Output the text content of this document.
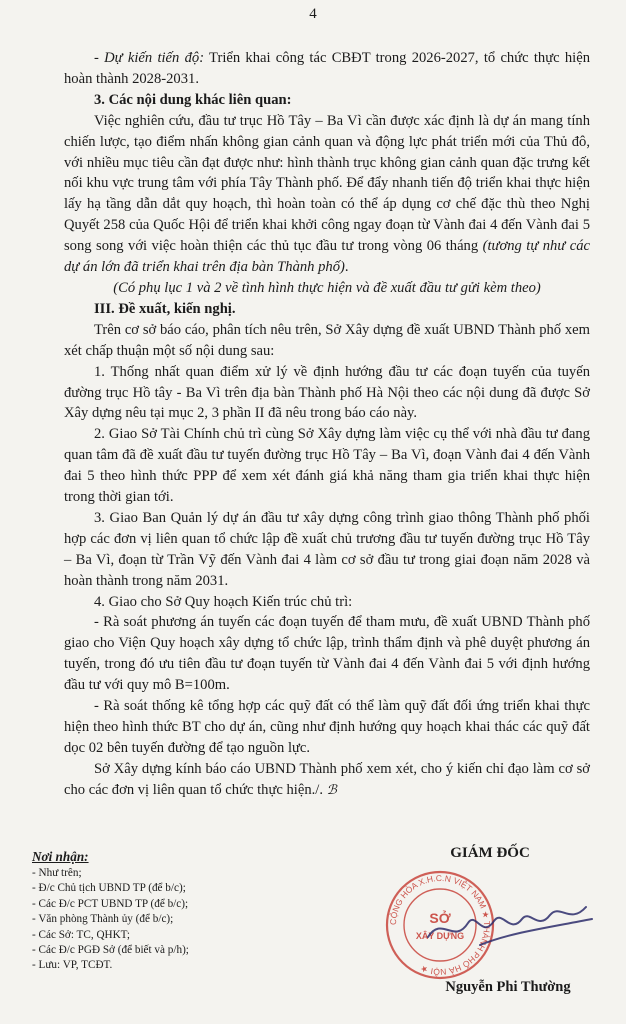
4

- Dự kiến tiến độ: Triển khai công tác CBĐT trong 2026-2027, tổ chức thực hiện hoàn thành 2028-2031.

3. Các nội dung khác liên quan:

Việc nghiên cứu, đầu tư trục Hồ Tây – Ba Vì cần được xác định là dự án mang tính chiến lược, tạo điểm nhấn không gian cảnh quan và động lực phát triển mới của Thủ đô, với nhiều mục tiêu cần đạt được như: hình thành trục không gian cảnh quan đặc trưng kết nối khu vực trung tâm với phía Tây Thành phố. Để đẩy nhanh tiến độ triển khai thực hiện lấy hạ tầng dẫn dắt quy hoạch, thì hoàn toàn có thể áp dụng cơ chế đặc thù theo Nghị Quyết 258 của Quốc Hội để triển khai khởi công ngay đoạn từ Vành đai 4 đến Vành đai 5 song song với việc hoàn thiện các thủ tục đầu tư trong vòng 06 tháng (tương tự như các dự án lớn đã triển khai trên địa bàn Thành phố).

(Có phụ lục 1 và 2 về tình hình thực hiện và đề xuất đầu tư gửi kèm theo)

III. Đề xuất, kiến nghị.

Trên cơ sở báo cáo, phân tích nêu trên, Sở Xây dựng đề xuất UBND Thành phố xem xét chấp thuận một số nội dung sau:

1. Thống nhất quan điểm xử lý về định hướng đầu tư các đoạn tuyến của tuyến đường trục Hồ tây - Ba Vì trên địa bàn Thành phố Hà Nội theo các nội dung đã được Sở Xây dựng nêu tại mục 2, 3 phần II đã nêu trong báo cáo này.

2. Giao Sở Tài Chính chủ trì cùng Sở Xây dựng làm việc cụ thể với nhà đầu tư đang quan tâm đã đề xuất đầu tư tuyến đường trục Hồ Tây – Ba Vì, đoạn Vành đai 4 đến Vành đai 5 theo hình thức PPP để xem xét đánh giá khả năng tham gia triển khai thực hiện trong thời gian tới.

3. Giao Ban Quản lý dự án đầu tư xây dựng công trình giao thông Thành phố phối hợp các đơn vị liên quan tổ chức lập đề xuất chủ trương đầu tư tuyến đường trục Hồ Tây – Ba Vì, đoạn từ Trần Vỹ đến Vành đai 4 làm cơ sở đầu tư trong giai đoạn năm 2028 và hoàn thành trong năm 2031.

4. Giao cho Sở Quy hoạch Kiến trúc chủ trì:

- Rà soát phương án tuyến các đoạn tuyến để tham mưu, đề xuất UBND Thành phố giao cho Viện Quy hoạch xây dựng tổ chức lập, trình thẩm định và phê duyệt phương án tuyến, trong đó ưu tiên đầu tư đoạn tuyến từ Vành đai 4 đến Vành đai 5 với định hướng đầu tư với quy mô B=100m.

- Rà soát thống kê tổng hợp các quỹ đất có thể làm quỹ đất đối ứng triển khai thực hiện theo hình thức BT cho dự án, cũng như định hướng quy hoạch khai thác các quỹ đất dọc 02 bên tuyến đường để tạo nguồn lực.

Sở Xây dựng kính báo cáo UBND Thành phố xem xét, cho ý kiến chỉ đạo làm cơ sở cho các đơn vị liên quan tổ chức thực hiện./. ℬ

Nơi nhận:
- Như trên;
- Đ/c Chủ tịch UBND TP (để b/c);
- Các Đ/c PCT UBND TP (để b/c);
- Văn phòng Thành ủy (để b/c);
- Các Sở: TC, QHKT;
- Các Đ/c PGĐ Sở (để biết và p/h);
- Lưu: VP, TCĐT.
GIÁM ĐỐC
CỘNG HÒA X.H.C.N VIỆT NAM ★ THÀNH PHỐ HÀ NỘI ★
SỞ
XÂY DỰNG
Nguyễn Phi Thường
